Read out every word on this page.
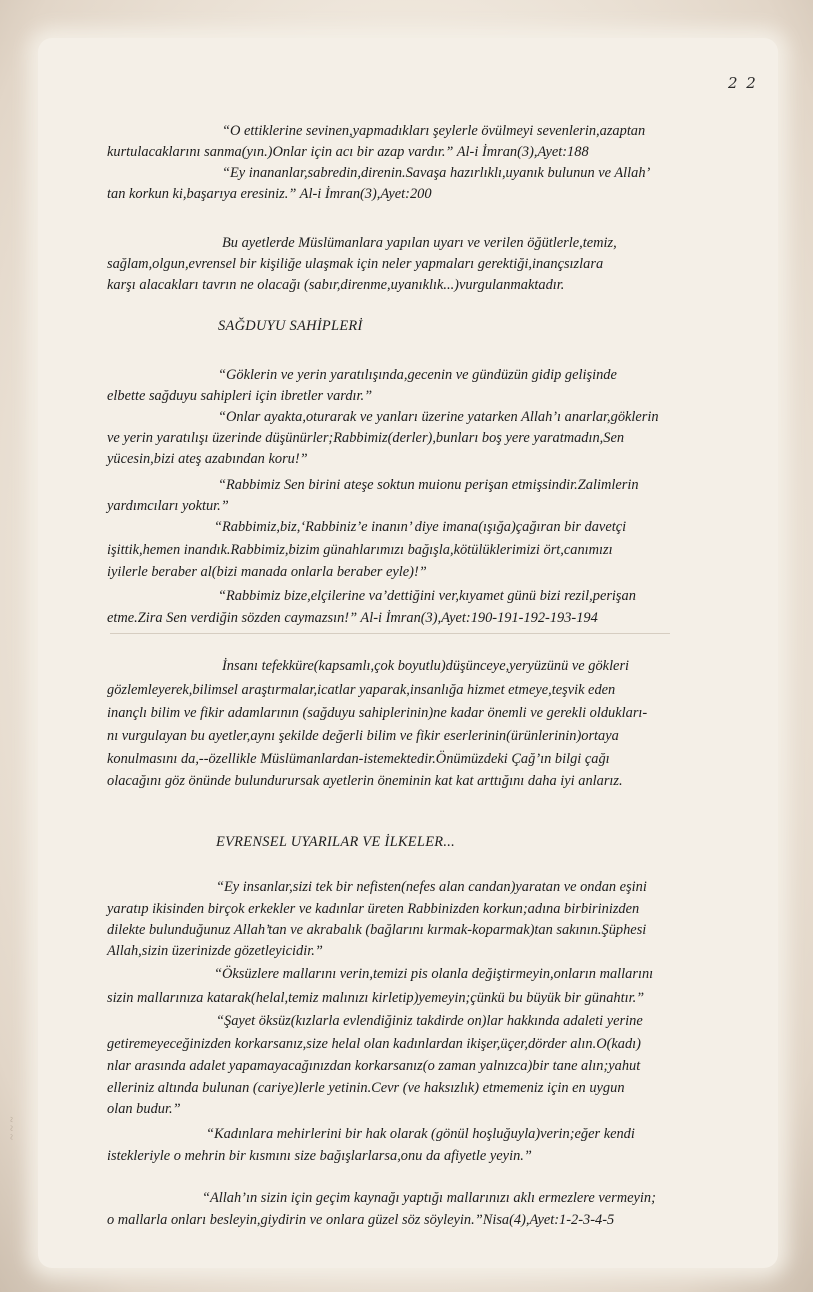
2 2
“O ettiklerine sevinen,yapmadıkları şeylerle övülmeyi sevenlerin,azaptan
kurtulacaklarını sanma(yın.)Onlar için acı bir azap vardır.” Al-i İmran(3),Ayet:188
“Ey inananlar,sabredin,direnin.Savaşa hazırlıklı,uyanık bulunun ve Allah’
tan korkun ki,başarıya eresiniz.” Al-i İmran(3),Ayet:200
Bu ayetlerde Müslümanlara yapılan uyarı ve verilen öğütlerle,temiz,
sağlam,olgun,evrensel bir kişiliğe ulaşmak için neler yapmaları gerektiği,inançsızlara
karşı alacakları tavrın ne olacağı (sabır,direnme,uyanıklık...)vurgulanmaktadır.
SAĞDUYU SAHİPLERİ
“Göklerin ve yerin yaratılışında,gecenin ve gündüzün gidip gelişinde
elbette sağduyu sahipleri için ibretler vardır.”
“Onlar ayakta,oturarak ve yanları üzerine yatarken Allah’ı anarlar,göklerin
ve yerin yaratılışı üzerinde düşünürler;Rabbimiz(derler),bunları boş yere yaratmadın,Sen
yücesin,bizi ateş azabından koru!”
“Rabbimiz Sen birini ateşe soktun muionu perişan etmişsindir.Zalimlerin
yardımcıları yoktur.”
“Rabbimiz,biz,‘Rabbiniz’e inanın’ diye imana(ışığa)çağıran bir davetçi
işittik,hemen inandık.Rabbimiz,bizim günahlarımızı bağışla,kötülüklerimizi ört,canımızı
iyilerle beraber al(bizi manada onlarla beraber eyle)!”
“Rabbimiz bize,elçilerine va’dettiğini ver,kıyamet günü bizi rezil,perişan
etme.Zira Sen verdiğin sözden caymazsın!” Al-i İmran(3),Ayet:190-191-192-193-194
İnsanı tefekküre(kapsamlı,çok boyutlu)düşünceye,yeryüzünü ve gökleri
gözlemleyerek,bilimsel araştırmalar,icatlar yaparak,insanlığa hizmet etmeye,teşvik eden
inançlı bilim ve fikir adamlarının (sağduyu sahiplerinin)ne kadar önemli ve gerekli oldukları-
nı vurgulayan bu ayetler,aynı şekilde değerli bilim ve fikir eserlerinin(ürünlerinin)ortaya
konulmasını da,--özellikle Müslümanlardan-istemektedir.Önümüzdeki Çağ’ın bilgi çağı
olacağını göz önünde bulundurursak ayetlerin öneminin kat kat arttığını daha iyi anlarız.
EVRENSEL UYARILAR VE İLKELER...
“Ey insanlar,sizi tek bir nefisten(nefes alan candan)yaratan ve ondan eşini
yaratıp ikisinden birçok erkekler ve kadınlar üreten Rabbinizden korkun;adına birbirinizden
dilekte bulunduğunuz Allah’tan ve akrabalık (bağlarını kırmak-koparmak)tan sakının.Şüphesi
Allah,sizin üzerinizde gözetleyicidir.”
“Öksüzlere mallarını verin,temizi pis olanla değiştirmeyin,onların mallarını
sizin mallarınıza katarak(helal,temiz malınızı kirletip)yemeyin;çünkü bu büyük bir günahtır.”
“Şayet öksüz(kızlarla evlendiğiniz takdirde on)lar hakkında adaleti yerine
getiremeyeceğinizden korkarsanız,size helal olan kadınlardan ikişer,üçer,dörder alın.O(kadı)
nlar arasında adalet yapamayacağınızdan korkarsanız(o zaman yalnızca)bir tane alın;yahut
elleriniz altında bulunan (cariye)lerle yetinin.Cevr (ve haksızlık) etmemeniz için en uygun
olan budur.”
“Kadınlara mehirlerini bir hak olarak (gönül hoşluğuyla)verin;eğer kendi
istekleriyle o mehrin bir kısmını size bağışlarlarsa,onu da afiyetle yeyin.”
“Allah’ın sizin için geçim kaynağı yaptığı mallarınızı aklı ermezlere vermeyin;
o mallarla onları besleyin,giydirin ve onlara güzel söz söyleyin.”Nisa(4),Ayet:1-2-3-4-5
~ ~ ~
